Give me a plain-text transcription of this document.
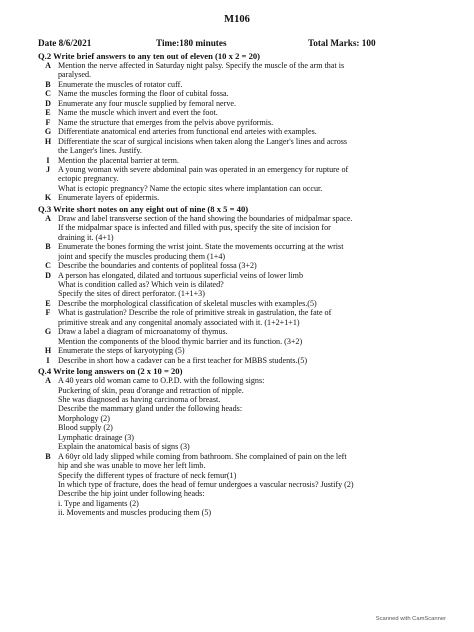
M106
Date 8/6/2021	Time:180 minutes	Total Marks: 100
Q.2 Write brief answers to any ten out of eleven (10 x 2 = 20)
A Mention the nerve affected in Saturday night palsy. Specify the muscle of the arm that is
paralysed.
B Enumerate the muscles of rotator cuff.
C Name the muscles forming the floor of cubital fossa.
D Enumerate any four muscle supplied by femoral nerve.
E Name the muscle which invert and evert the foot.
F Name the structure that emerges from the pelvis above pyriformis.
G Differentiate anatomical end arteries from functional end arteies with examples.
H Differentiate the scar of surgical incisions when taken along the Langer's lines and across
the Langer's lines. Justify.
I	Mention the placental barrier at term.
J A young woman with severe abdominal pain was operated in an emergency for rupture of
ectopic pregnancy.
What is ectopic pregnancy? Name the ectopic sites where implantation can occur.
K Enumerate layers of epidermis.
Q.3 Write short notes on any eight out of nine (8 x 5 = 40)
A Draw and label transverse section of the hand showing the boundaries of midpalmar space.
If the midpalmar space is infected and filled with pus, specify the site of incision for
draining it. (4+1)
B Enumerate the bones forming the wrist joint. State the movements occurring at the wrist
joint and specify the muscles producing them (1+4)
C Describe the boundaries and contents of popliteal fossa (3+2)
D A person has elongated, dilated and tortuous superficial veins of lower limb
What is condition called as? Which vein is dilated?
Specify the sites of direct perforator. (1+1+3)
E Describe the morphological classification of skeletal muscles with examples.(5)
F What is gastrulation? Describe the role of primitive streak in gastrulation, the fate of
primitive streak and any congenital anomaly associated with it. (1+2+1+1)
G Draw a label a diagram of microanatomy of thymus.
Mention the components of the blood thymic barrier and its function. (3+2)
H Enumerate the steps of karyotyping (5)
I	Describe in short how a cadaver can be a first teacher for MBBS students.(5)
Q.4 Write long answers on (2 x 10 = 20)
A A 40 years old woman came to O.P.D. with the following signs:
Puckering of skin, peau d'orange and retraction of nipple.
She was diagnosed as having carcinoma of breast.
Describe the mammary gland under the following heads:
Morphology (2)
Blood supply (2)
Lymphatic drainage (3)
Explain the anatomical basis of signs (3)
B A 60yr old lady slipped while coming from bathroom. She complained of pain on the left
hip and she was unable to move her left limb.
Specify the different types of fracture of neck femur(1)
In which type of fracture, does the head of femur undergoes a vascular necrosis? Justify (2)
Describe the hip joint under following heads:
i. Type and ligaments (2)
ii. Movements and muscles producing them (5)
Scanned with CamScanner
